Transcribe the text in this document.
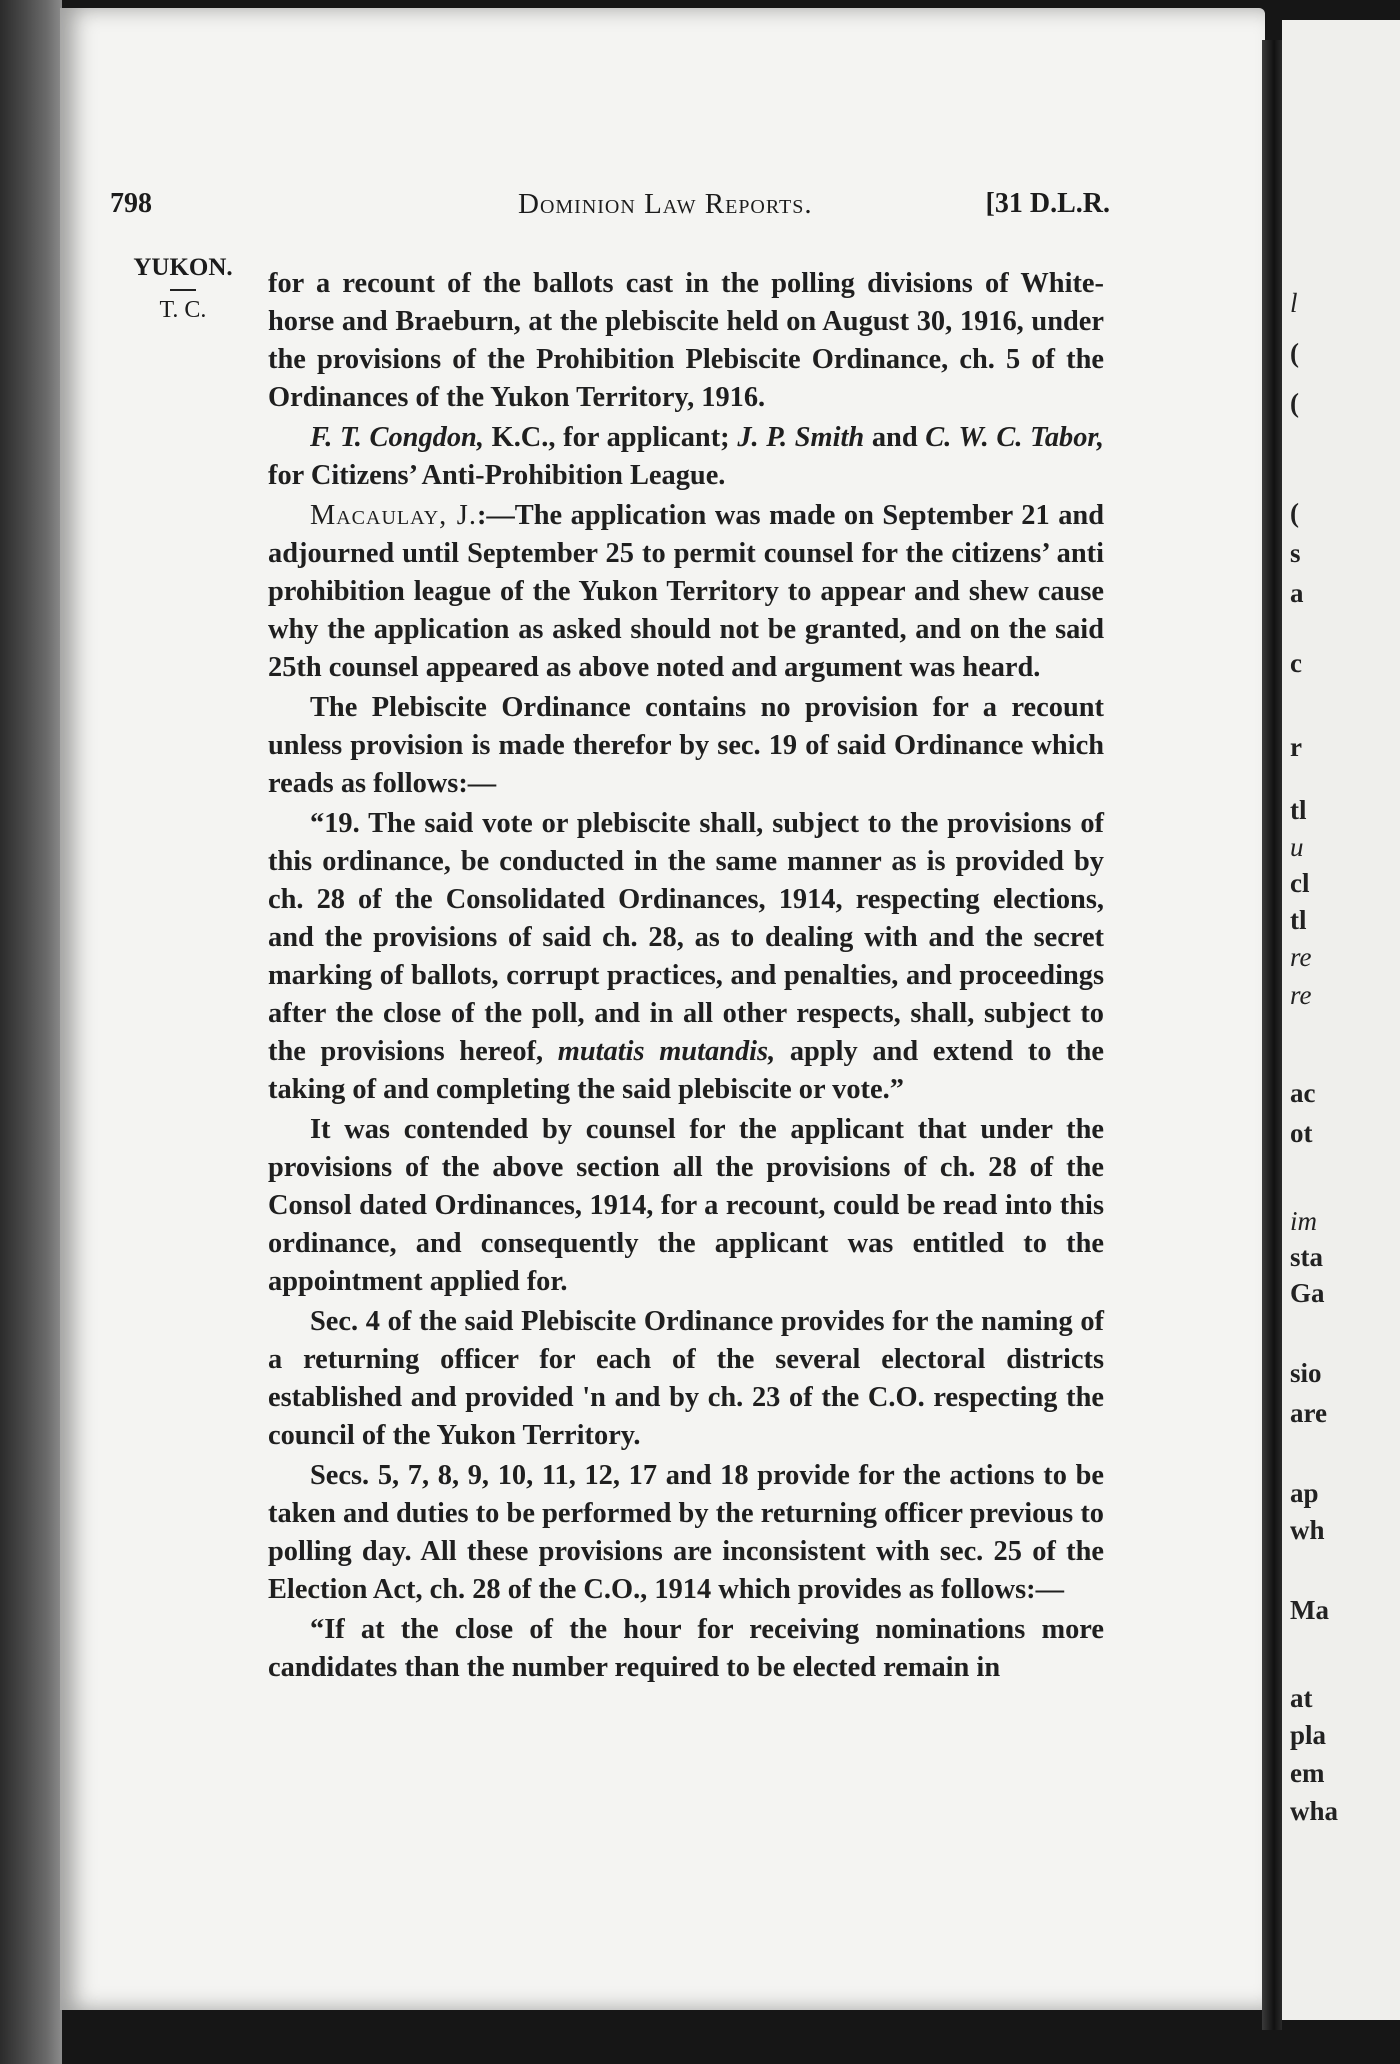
l
(
(
(
s
a
c
r
tl
u
cl
tl
re
re
ac
ot
im
sta
Ga
sio
are
ap
wh
Ma
at
pla
em
wha
798	Dominion Law Reports.	[31 D.L.R.
YUKON.
T. C.

for a recount of the ballots cast in the polling divisions of White-horse and Braeburn, at the plebiscite held on August 30, 1916, under the provisions of the Prohibition Plebiscite Ordinance, ch. 5 of the Ordinances of the Yukon Territory, 1916.

F. T. Congdon, K.C., for applicant; J. P. Smith and C. W. C. Tabor, for Citizens’ Anti-Prohibition League.

Macaulay, J.:—The application was made on September 21 and adjourned until September 25 to permit counsel for the citizens’ anti prohibition league of the Yukon Territory to appear and shew cause why the application as asked should not be granted, and on the said 25th counsel appeared as above noted and argument was heard.

The Plebiscite Ordinance contains no provision for a recount unless provision is made therefor by sec. 19 of said Ordinance which reads as follows:—

“19. The said vote or plebiscite shall, subject to the provisions of this ordinance, be conducted in the same manner as is provided by ch. 28 of the Consolidated Ordinances, 1914, respecting elections, and the provisions of said ch. 28, as to dealing with and the secret marking of ballots, corrupt practices, and penalties, and proceedings after the close of the poll, and in all other respects, shall, subject to the provisions hereof, mutatis mutandis, apply and extend to the taking of and completing the said plebiscite or vote.”

It was contended by counsel for the applicant that under the provisions of the above section all the provisions of ch. 28 of the Consol dated Ordinances, 1914, for a recount, could be read into this ordinance, and consequently the applicant was entitled to the appointment applied for.

Sec. 4 of the said Plebiscite Ordinance provides for the naming of a returning officer for each of the several electoral districts established and provided 'n and by ch. 23 of the C.O. respecting the council of the Yukon Territory.

Secs. 5, 7, 8, 9, 10, 11, 12, 17 and 18 provide for the actions to be taken and duties to be performed by the returning officer previous to polling day. All these provisions are inconsistent with sec. 25 of the Election Act, ch. 28 of the C.O., 1914 which provides as follows:—

“If at the close of the hour for receiving nominations more candidates than the number required to be elected remain in
